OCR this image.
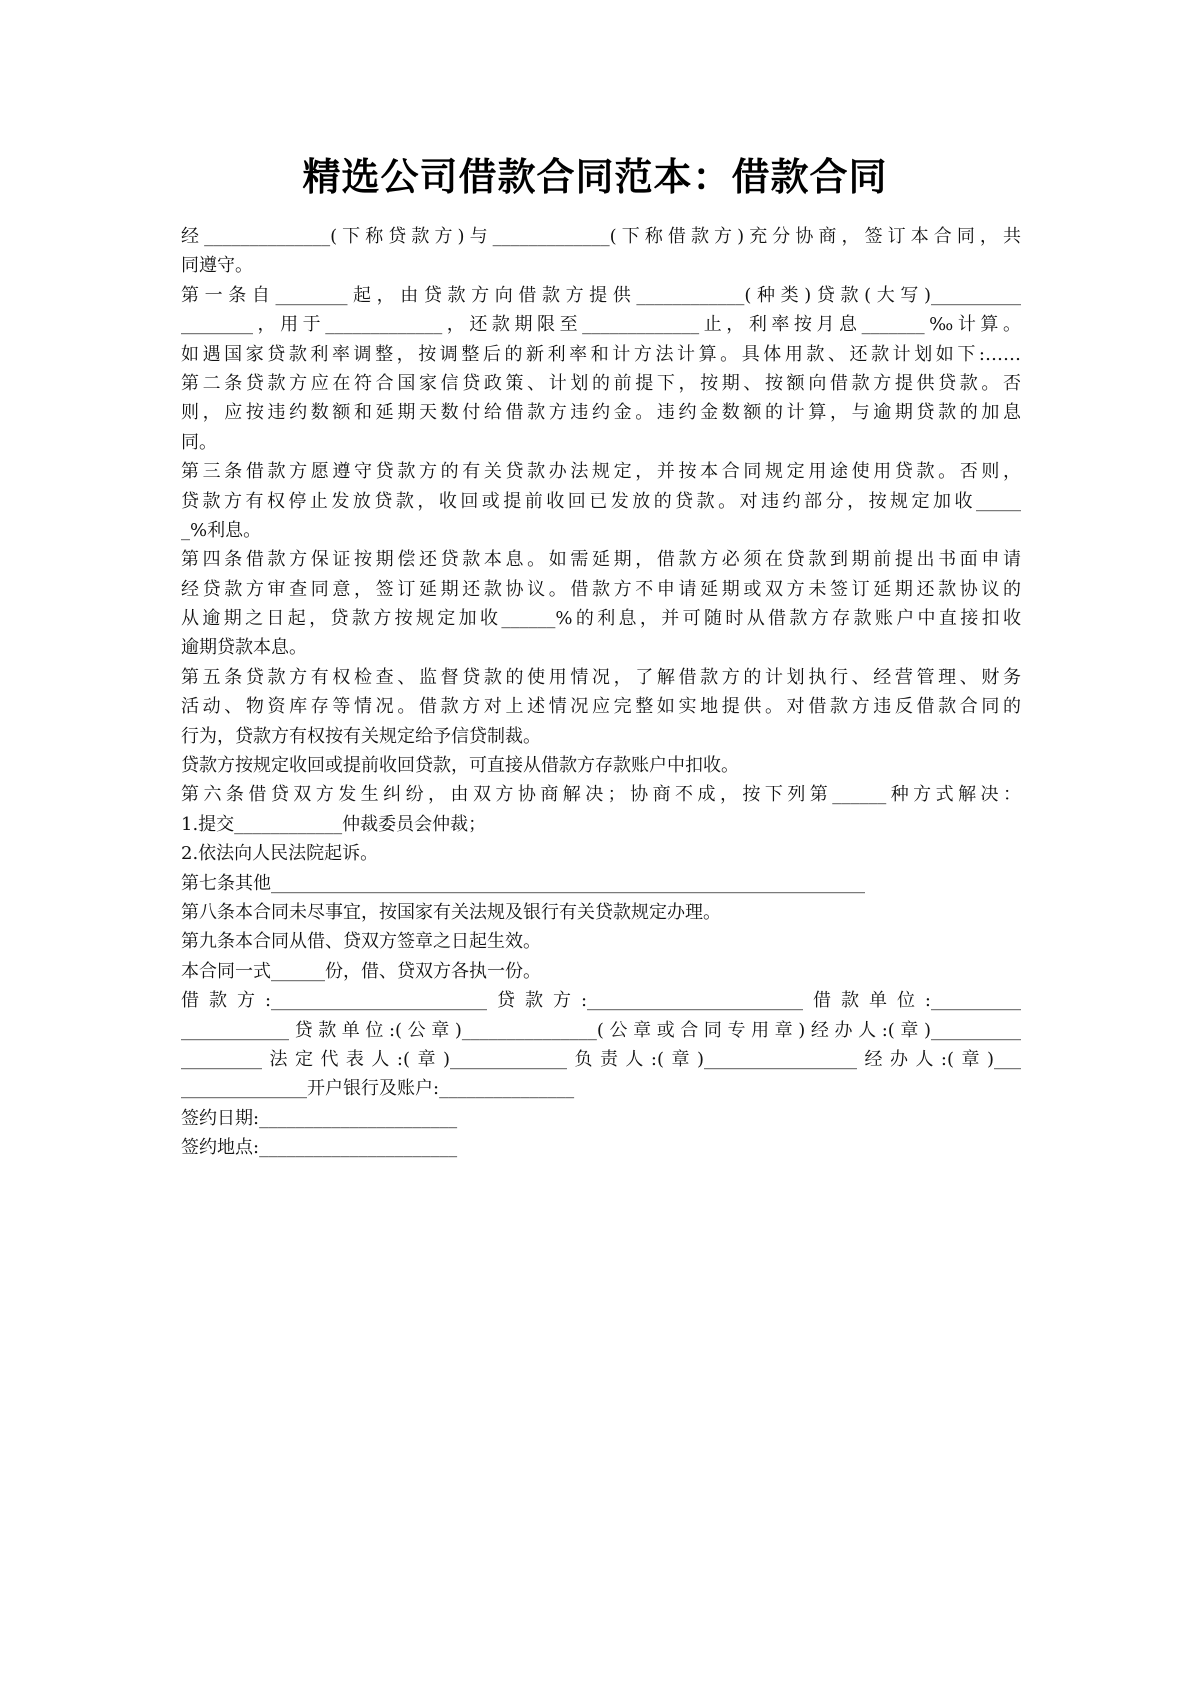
精选公司借款合同范本：借款合同
经______________(下称贷款方)与_____________(下称借款方)充分协商，签订本合同，共
同遵守。
第一条自________起，由贷款方向借款方提供____________(种类)贷款(大写)__________
________，用于_____________，还款期限至_____________止，利率按月息_______‰计算。
如遇国家贷款利率调整，按调整后的新利率和计方法计算。具体用款、还款计划如下:……
第二条贷款方应在符合国家信贷政策、计划的前提下，按期、按额向借款方提供贷款。否
则，应按违约数额和延期天数付给借款方违约金。违约金数额的计算，与逾期贷款的加息
同。
第三条借款方愿遵守贷款方的有关贷款办法规定，并按本合同规定用途使用贷款。否则，
贷款方有权停止发放贷款，收回或提前收回已发放的贷款。对违约部分，按规定加收_____
_%利息。
第四条借款方保证按期偿还贷款本息。如需延期，借款方必须在贷款到期前提出书面申请
经贷款方审查同意，签订延期还款协议。借款方不申请延期或双方未签订延期还款协议的
从逾期之日起，贷款方按规定加收______%的利息，并可随时从借款方存款账户中直接扣收
逾期贷款本息。
第五条贷款方有权检查、监督贷款的使用情况，了解借款方的计划执行、经营管理、财务
活动、物资库存等情况。借款方对上述情况应完整如实地提供。对借款方违反借款合同的
行为，贷款方有权按有关规定给予信贷制裁。
贷款方按规定收回或提前收回贷款，可直接从借款方存款账户中扣收。
第六条借贷双方发生纠纷，由双方协商解决；协商不成，按下列第______种方式解决：
1.提交____________仲裁委员会仲裁；
2.依法向人民法院起诉。
第七条其他__________________________________________________________________
第八条本合同未尽事宜，按国家有关法规及银行有关贷款规定办理。
第九条本合同从借、贷双方签章之日起生效。
本合同一式______份，借、贷双方各执一份。
借款方:________________________贷款方:________________________借款单位:__________
____________贷款单位:(公章)_______________(公章或合同专用章)经办人:(章)__________
_________法定代表人:(章)_____________负责人:(章)_________________经办人:(章)___
______________开户银行及账户:_______________
签约日期:______________________
签约地点:______________________
